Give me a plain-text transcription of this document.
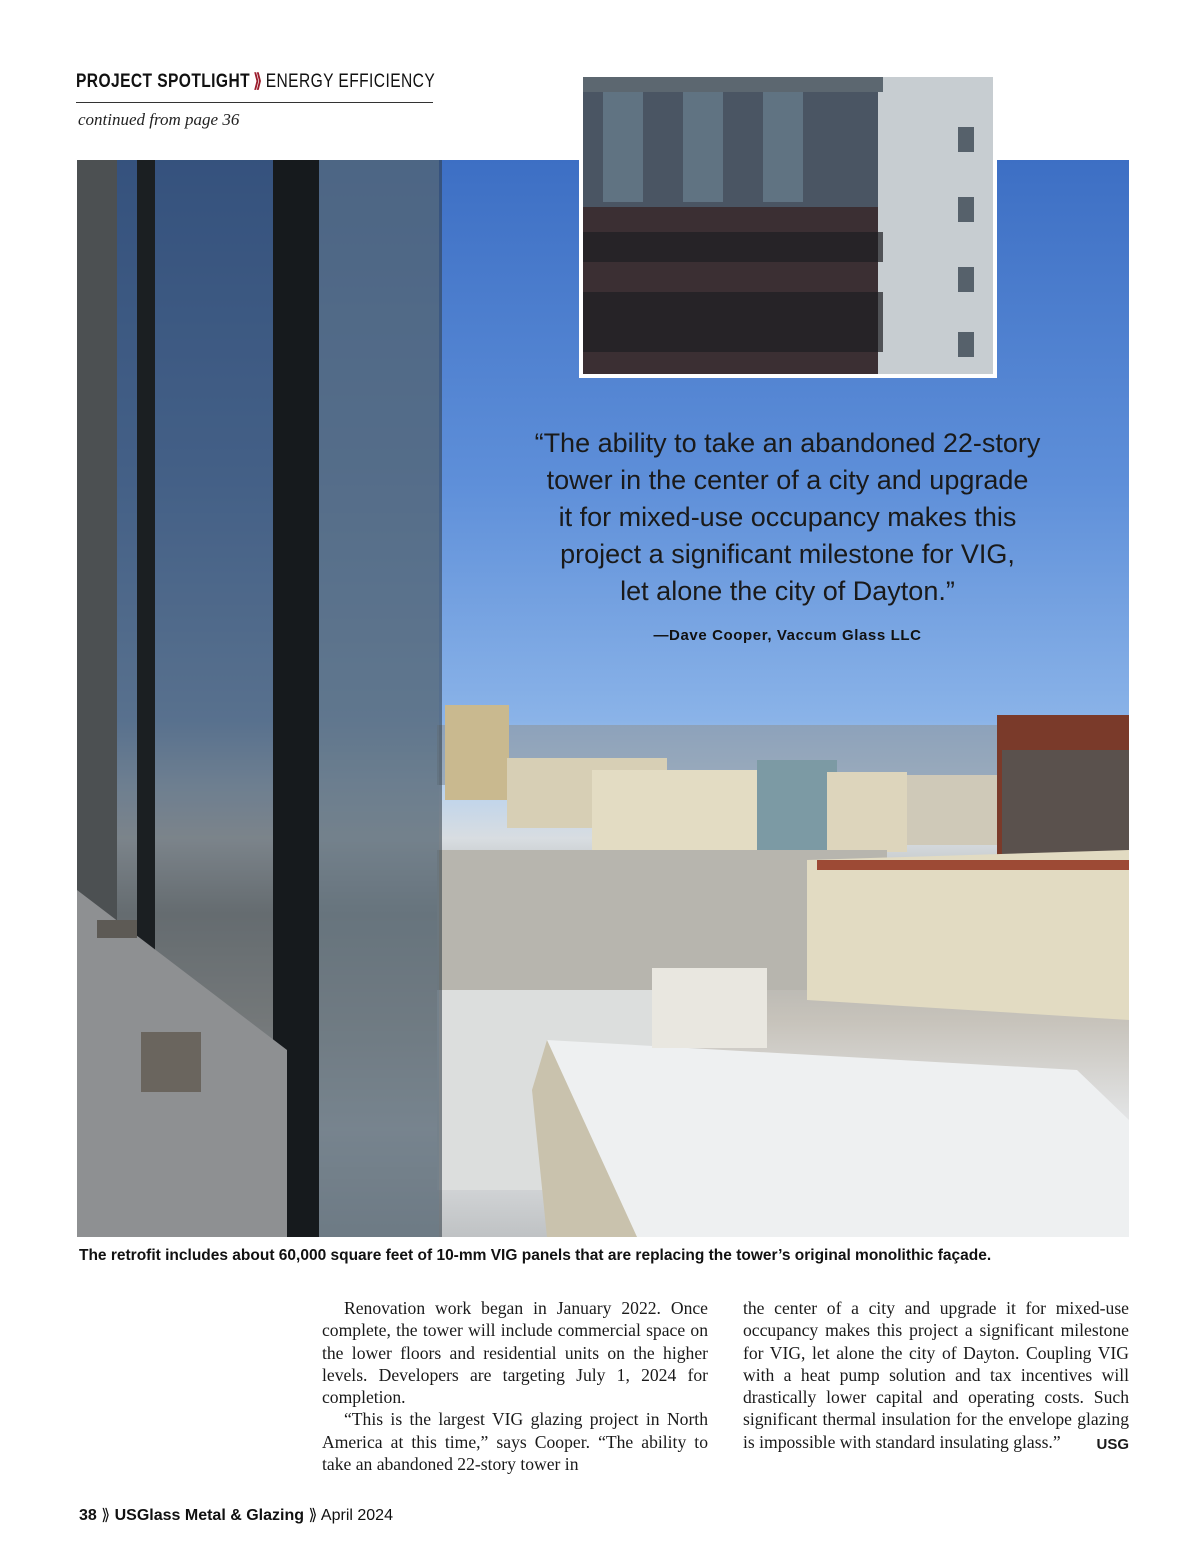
PROJECT SPOTLIGHT ⟫ ENERGY EFFICIENCY
continued from page 36
“The ability to take an abandoned 22-story
tower in the center of a city and upgrade
it for mixed-use occupancy makes this
project a significant milestone for VIG,
let alone the city of Dayton.”
—Dave Cooper, Vaccum Glass LLC
The retrofit includes about 60,000 square feet of 10-mm VIG panels that are replacing the tower’s original monolithic façade.

Renovation work began in January 2022. Once complete, the tower will include commercial space on the lower floors and residential units on the higher levels. Developers are targeting July 1, 2024 for completion.

“This is the largest VIG glazing project in North America at this time,” says Cooper. “The ability to take an abandoned 22-story tower in

the center of a city and upgrade it for mixed-use occupancy makes this project a significant milestone for VIG, let alone the city of Dayton. Coupling VIG with a heat pump solution and tax incentives will drastically lower capital and operating costs. Such significant thermal insulation for the envelope glazing is impossible with standard insulating glass.” USG

38 ⟫ USGlass Metal & Glazing ⟫ April 2024
